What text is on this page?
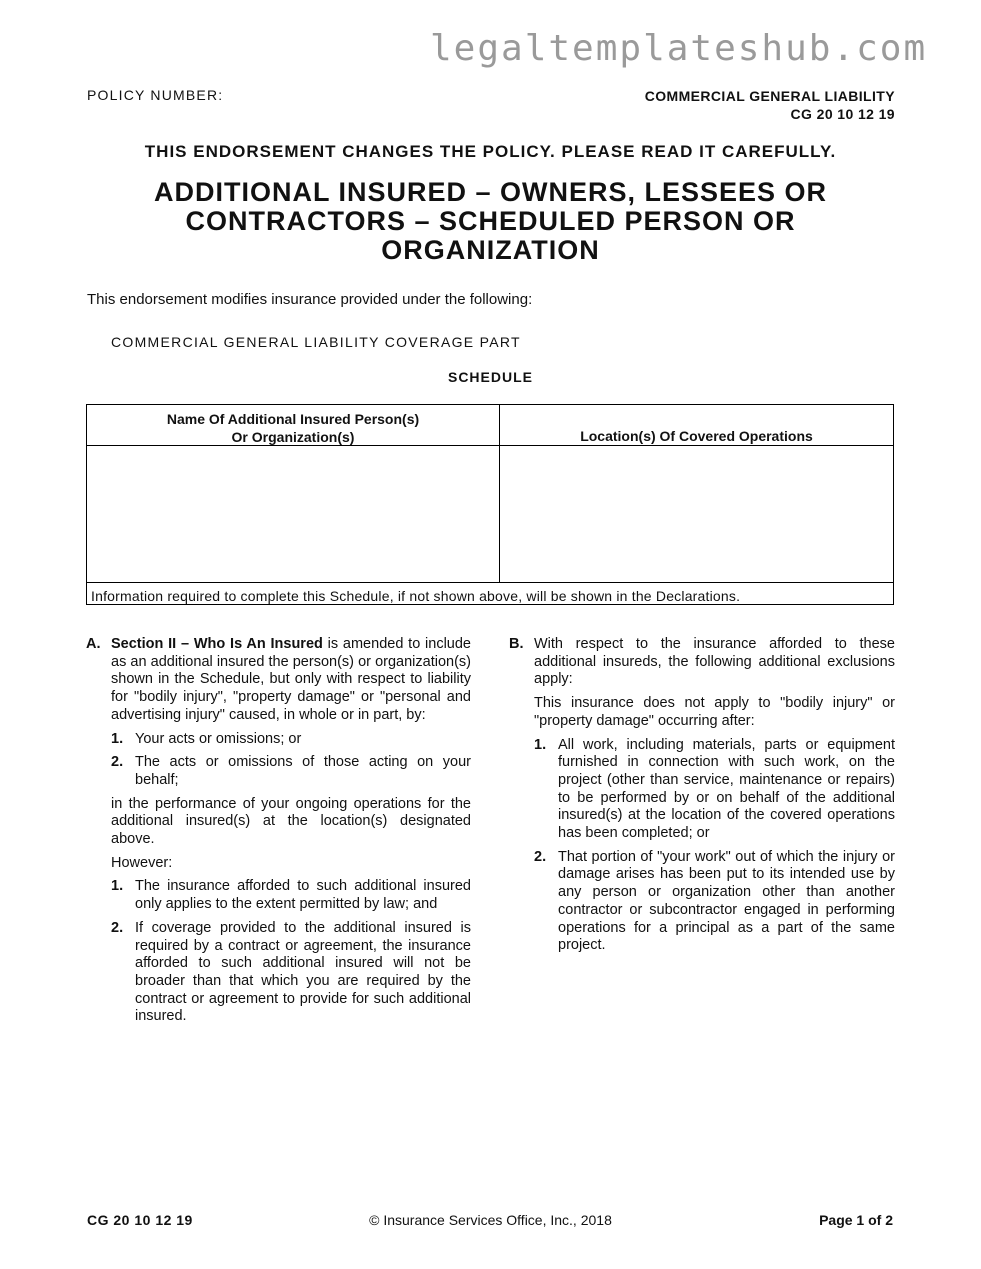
legaltemplateshub.com
POLICY NUMBER:	COMMERCIAL GENERAL LIABILITY
CG 20 10 12 19
THIS ENDORSEMENT CHANGES THE POLICY. PLEASE READ IT CAREFULLY.
ADDITIONAL INSURED – OWNERS, LESSEES OR
CONTRACTORS – SCHEDULED PERSON OR
ORGANIZATION
This endorsement modifies insurance provided under the following:
COMMERCIAL GENERAL LIABILITY COVERAGE PART
SCHEDULE
Name Of Additional Insured Person(s)
Or Organization(s)	Location(s) Of Covered Operations
Information required to complete this Schedule, if not shown above, will be shown in the Declarations.
A. Section II – Who Is An Insured is amended to include as an additional insured the person(s) or organization(s) shown in the Schedule, but only with respect to liability for "bodily injury", "property damage" or "personal and advertising injury" caused, in whole or in part, by:
1. Your acts or omissions; or
2. The acts or omissions of those acting on your behalf;
in the performance of your ongoing operations for the additional insured(s) at the location(s) designated above.
However:
1. The insurance afforded to such additional insured only applies to the extent permitted by law; and
2. If coverage provided to the additional insured is required by a contract or agreement, the insurance afforded to such additional insured will not be broader than that which you are required by the contract or agreement to provide for such additional insured.
B. With respect to the insurance afforded to these additional insureds, the following additional exclusions apply:
This insurance does not apply to "bodily injury" or "property damage" occurring after:
1. All work, including materials, parts or equipment furnished in connection with such work, on the project (other than service, maintenance or repairs) to be performed by or on behalf of the additional insured(s) at the location of the covered operations has been completed; or
2. That portion of "your work" out of which the injury or damage arises has been put to its intended use by any person or organization other than another contractor or subcontractor engaged in performing operations for a principal as a part of the same project.
CG 20 10 12 19	© Insurance Services Office, Inc., 2018	Page 1 of 2
